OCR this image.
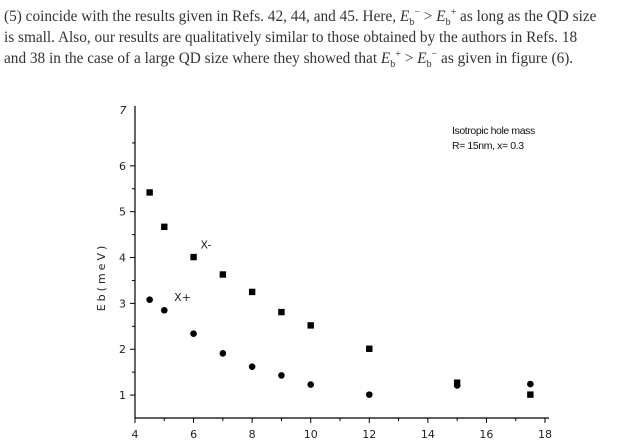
(5) coincide with the results given in Refs. 42, 44, and 45. Here, $E_b^- > E_b^+$ as long as the QD size
is small. Also, our results are qualitatively similar to those obtained by the authors in Refs. 18
and 38 in the case of a large QD size where they showed that $E_b^+ > E_b^-$ as given in figure (6).
4	6	8	10	12	14	16	18
1
2
3
4
5
6
7
Eb(meV)
Isotropic hole mass
R= 15nm, x= 0.3
X-
X+
